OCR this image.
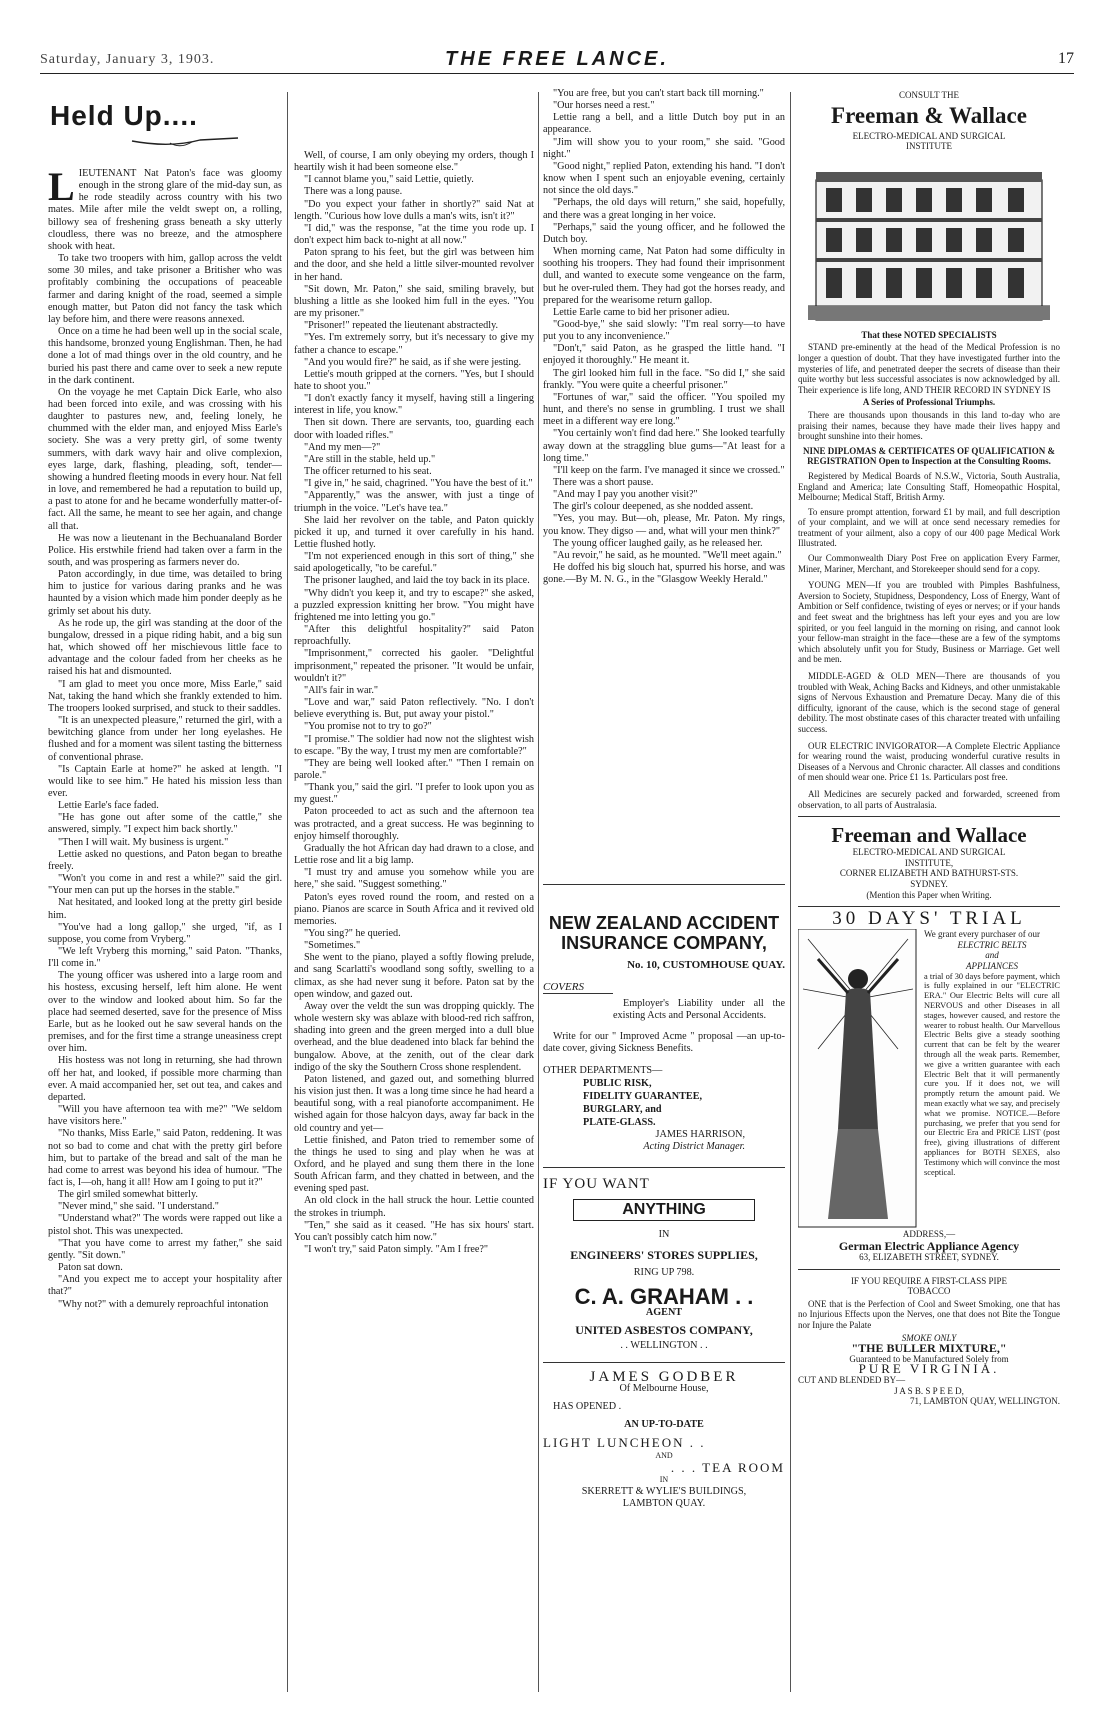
Saturday, January 3, 1903.	THE FREE LANCE.	17
Held Up....
L IEUTENANT Nat Paton's face was gloomy enough in the strong glare of the mid-day sun, as he rode steadily across country with his two mates. Mile after mile the veldt swept on, a rolling, billowy sea of freshening grass beneath a sky utterly cloudless, there was no breeze, and the atmosphere shook with heat.

To take two troopers with him, gallop across the veldt some 30 miles, and take prisoner a Britisher who was profitably combining the occupations of peaceable farmer and daring knight of the road, seemed a simple enough matter, but Paton did not fancy the task which lay before him, and there were reasons annexed.

Once on a time he had been well up in the social scale, this handsome, bronzed young Englishman. Then, he had done a lot of mad things over in the old country, and he buried his past there and came over to seek a new repute in the dark continent.

On the voyage he met Captain Dick Earle, who also had been forced into exile, and was crossing with his daughter to pastures new, and, feeling lonely, he chummed with the elder man, and enjoyed Miss Earle's society. She was a very pretty girl, of some twenty summers, with dark wavy hair and olive complexion, eyes large, dark, flashing, pleading, soft, tender—showing a hundred fleeting moods in every hour. Nat fell in love, and remembered he had a reputation to build up, a past to atone for and he became wonderfully matter-of-fact. All the same, he meant to see her again, and change all that.

He was now a lieutenant in the Bechuanaland Border Police. His erstwhile friend had taken over a farm in the south, and was prospering as farmers never do.

Paton accordingly, in due time, was detailed to bring him to justice for various daring pranks and he was haunted by a vision which made him ponder deeply as he grimly set about his duty.

As he rode up, the girl was standing at the door of the bungalow, dressed in a pique riding habit, and a big sun hat, which showed off her mischievous little face to advantage and the colour faded from her cheeks as he raised his hat and dismounted.

"I am glad to meet you once more, Miss Earle," said Nat, taking the hand which she frankly extended to him. The troopers looked surprised, and stuck to their saddles.

"It is an unexpected pleasure," returned the girl, with a bewitching glance from under her long eyelashes. He flushed and for a moment was silent tasting the bitterness of conventional phrase.

"Is Captain Earle at home?" he asked at length. "I would like to see him." He hated his mission less than ever.

Lettie Earle's face faded.

"He has gone out after some of the cattle," she answered, simply. "I expect him back shortly."

"Then I will wait. My business is urgent."

Lettie asked no questions, and Paton began to breathe freely.

"Won't you come in and rest a while?" said the girl. "Your men can put up the horses in the stable."

Nat hesitated, and looked long at the pretty girl beside him.

"You've had a long gallop," she urged, "if, as I suppose, you come from Vryberg."

"We left Vryberg this morning," said Paton. "Thanks, I'll come in."

The young officer was ushered into a large room and his hostess, excusing herself, left him alone. He went over to the window and looked about him. So far the place had seemed deserted, save for the presence of Miss Earle, but as he looked out he saw several hands on the premises, and for the first time a strange uneasiness crept over him.

His hostess was not long in returning, she had thrown off her hat, and looked, if possible more charming than ever. A maid accompanied her, set out tea, and cakes and departed.

"Will you have afternoon tea with me?" "We seldom have visitors here."

"No thanks, Miss Earle," said Paton, reddening. It was not so bad to come and chat with the pretty girl before him, but to partake of the bread and salt of the man he had come to arrest was beyond his idea of humour. "The fact is, I—oh, hang it all! How am I going to put it?"

The girl smiled somewhat bitterly.

"Never mind," she said. "I understand."

"Understand what?" The words were rapped out like a pistol shot. This was unexpected.

"That you have come to arrest my father," she said gently. "Sit down."

Paton sat down.

"And you expect me to accept your hospitality after that?"

"Why not?" with a demurely reproachful intonation

Well, of course, I am only obeying my orders, though I heartily wish it had been someone else."

"I cannot blame you," said Lettie, quietly.

There was a long pause.

"Do you expect your father in shortly?" said Nat at length. "Curious how love dulls a man's wits, isn't it?"

"I did," was the response, "at the time you rode up. I don't expect him back to-night at all now."

Paton sprang to his feet, but the girl was between him and the door, and she held a little silver-mounted revolver in her hand.

"Sit down, Mr. Paton," she said, smiling bravely, but blushing a little as she looked him full in the eyes. "You are my prisoner."

"Prisoner!" repeated the lieutenant abstractedly.

"Yes. I'm extremely sorry, but it's necessary to give my father a chance to escape."

"And you would fire?" he said, as if she were jesting.

Lettie's mouth gripped at the corners. "Yes, but I should hate to shoot you."

"I don't exactly fancy it myself, having still a lingering interest in life, you know."

Then sit down. There are servants, too, guarding each door with loaded rifles."

"And my men—?"

"Are still in the stable, held up."

The officer returned to his seat.

"I give in," he said, chagrined. "You have the best of it."

"Apparently," was the answer, with just a tinge of triumph in the voice. "Let's have tea."

She laid her revolver on the table, and Paton quickly picked it up, and turned it over carefully in his hand. Lettie flushed hotly.

"I'm not experienced enough in this sort of thing," she said apologetically, "to be careful."

The prisoner laughed, and laid the toy back in its place.

"Why didn't you keep it, and try to escape?" she asked, a puzzled expression knitting her brow. "You might have frightened me into letting you go."

"After this delightful hospitality?" said Paton reproachfully.

"Imprisonment," corrected his gaoler. "Delightful imprisonment," repeated the prisoner. "It would be unfair, wouldn't it?"

"All's fair in war."

"Love and war," said Paton reflectively. "No. I don't believe everything is. But, put away your pistol."

"You promise not to try to go?"

"I promise." The soldier had now not the slightest wish to escape. "By the way, I trust my men are comfortable?"

"They are being well looked after." "Then I remain on parole."

"Thank you," said the girl. "I prefer to look upon you as my guest."

Paton proceeded to act as such and the afternoon tea was protracted, and a great success. He was beginning to enjoy himself thoroughly.

Gradually the hot African day had drawn to a close, and Lettie rose and lit a big lamp.

"I must try and amuse you somehow while you are here," she said. "Suggest something."

Paton's eyes roved round the room, and rested on a piano. Pianos are scarce in South Africa and it revived old memories.

"You sing?" he queried.

"Sometimes."

She went to the piano, played a softly flowing prelude, and sang Scarlatti's woodland song softly, swelling to a climax, as she had never sung it before. Paton sat by the open window, and gazed out.

Away over the veldt the sun was dropping quickly. The whole western sky was ablaze with blood-red rich saffron, shading into green and the green merged into a dull blue overhead, and the blue deadened into black far behind the bungalow. Above, at the zenith, out of the clear dark indigo of the sky the Southern Cross shone resplendent.

Paton listened, and gazed out, and something blurred his vision just then. It was a long time since he had heard a beautiful song, with a real pianoforte accompaniment. He wished again for those halcyon days, away far back in the old country and yet—

Lettie finished, and Paton tried to remember some of the things he used to sing and play when he was at Oxford, and he played and sung them there in the lone South African farm, and they chatted in between, and the evening sped past.

An old clock in the hall struck the hour. Lettie counted the strokes in triumph.

"Ten," she said as it ceased. "He has six hours' start. You can't possibly catch him now."

"I won't try," said Paton simply. "Am I free?"

"You are free, but you can't start back till morning."

"Our horses need a rest."

Lettie rang a bell, and a little Dutch boy put in an appearance.

"Jim will show you to your room," she said. "Good night."

"Good night," replied Paton, extending his hand. "I don't know when I spent such an enjoyable evening, certainly not since the old days."

"Perhaps, the old days will return," she said, hopefully, and there was a great longing in her voice.

"Perhaps," said the young officer, and he followed the Dutch boy.

When morning came, Nat Paton had some difficulty in soothing his troopers. They had found their imprisonment dull, and wanted to execute some vengeance on the farm, but he over-ruled them. They had got the horses ready, and prepared for the wearisome return gallop.

Lettie Earle came to bid her prisoner adieu.

"Good-bye," she said slowly: "I'm real sorry—to have put you to any inconvenience."

"Don't," said Paton, as he grasped the little hand. "I enjoyed it thoroughly." He meant it.

The girl looked him full in the face. "So did I," she said frankly. "You were quite a cheerful prisoner."

"Fortunes of war," said the officer. "You spoiled my hunt, and there's no sense in grumbling. I trust we shall meet in a different way ere long."

"You certainly won't find dad here." She looked tearfully away down at the straggling blue gums—"At least for a long time."

"I'll keep on the farm. I've managed it since we crossed."

There was a short pause.

"And may I pay you another visit?"

The girl's colour deepened, as she nodded assent.

"Yes, you may. But—oh, please, Mr. Paton. My rings, you know. They digso — and, what will your men think?"

The young officer laughed gaily, as he released her.

"Au revoir," he said, as he mounted. "We'll meet again."

He doffed his big slouch hat, spurred his horse, and was gone.—By M. N. G., in the "Glasgow Weekly Herald."

NEW ZEALAND ACCIDENT
INSURANCE COMPANY,
No. 10, CUSTOMHOUSE QUAY.
COVERS

Employer's Liability under all the existing Acts and Personal Accidents.

Write for our " Improved Acme " proposal —an up-to-date cover, giving Sickness Benefits.

OTHER DEPARTMENTS—
PUBLIC RISK,
FIDELITY GUARANTEE,
BURGLARY, and
PLATE-GLASS.
JAMES HARRISON,
Acting District Manager.
IF YOU WANT
ANYTHING
IN
ENGINEERS' STORES SUPPLIES,
RING UP 798.
C. A. GRAHAM . .
AGENT
UNITED ASBESTOS COMPANY,
. . WELLINGTON . .
JAMES GODBER
Of Melbourne House,
HAS OPENED .
AN UP-TO-DATE
LIGHT LUNCHEON . .
AND
. . . TEA ROOM
IN
SKERRETT & WYLIE'S BUILDINGS,
LAMBTON QUAY.
CONSULT THE
Freeman & Wallace
ELECTRO-MEDICAL AND SURGICAL
INSTITUTE
That these NOTED SPECIALISTS

STAND pre-eminently at the head of the Medical Profession is no longer a question of doubt. That they have investigated further into the mysteries of life, and penetrated deeper the secrets of disease than their quite worthy but less successful associates is now acknowledged by all. Their experience is life long, AND THEIR RECORD IN SYDNEY IS

A Series of Professional Triumphs.

There are thousands upon thousands in this land to-day who are praising their names, because they have made their lives happy and brought sunshine into their homes.

NINE DIPLOMAS & CERTIFICATES OF QUALIFICATION & REGISTRATION Open to Inspection at the Consulting Rooms.

Registered by Medical Boards of N.S.W., Victoria, South Australia, England and America; late Consulting Staff, Homeopathic Hospital, Melbourne; Medical Staff, British Army.

To ensure prompt attention, forward £1 by mail, and full description of your complaint, and we will at once send necessary remedies for treatment of your ailment, also a copy of our 400 page Medical Work Illustrated.

Our Commonwealth Diary Post Free on application Every Farmer, Miner, Mariner, Merchant, and Storekeeper should send for a copy.

YOUNG MEN—If you are troubled with Pimples Bashfulness, Aversion to Society, Stupidness, Despondency, Loss of Energy, Want of Ambition or Self confidence, twisting of eyes or nerves; or if your hands and feet sweat and the brightness has left your eyes and you are low spirited, or you feel languid in the morning on rising, and cannot look your fellow-man straight in the face—these are a few of the symptoms which absolutely unfit you for Study, Business or Marriage. Get well and be men.

MIDDLE-AGED & OLD MEN—There are thousands of you troubled with Weak, Aching Backs and Kidneys, and other unmistakable signs of Nervous Exhaustion and Premature Decay. Many die of this difficulty, ignorant of the cause, which is the second stage of general debility. The most obstinate cases of this character treated with unfailing success.

OUR ELECTRIC INVIGORATOR—A Complete Electric Appliance for wearing round the waist, producing wonderful curative results in Diseases of a Nervous and Chronic character. All classes and conditions of men should wear one. Price £1 1s. Particulars post free.

All Medicines are securely packed and forwarded, screened from observation, to all parts of Australasia.

Freeman and Wallace
ELECTRO-MEDICAL AND SURGICAL
INSTITUTE,
CORNER ELIZABETH AND BATHURST-STS.
SYDNEY.
(Mention this Paper when Writing.
30 DAYS' TRIAL
We grant every purchaser of our
ELECTRIC BELTS
and
APPLIANCES
a trial of 30 days before payment, which is fully explained in our "ELECTRIC ERA." Our Electric Belts will cure all NERVOUS and other Diseases in all stages, however caused, and restore the wearer to robust health. Our Marvellous Electric Belts give a steady soothing current that can be felt by the wearer through all the weak parts. Remember, we give a written guarantee with each Electric Belt that it will permanently cure you. If it does not, we will promptly return the amount paid. We mean exactly what we say, and precisely what we promise. NOTICE.—Before purchasing, we prefer that you send for our Electric Era and PRICE LIST (post free), giving illustrations of different appliances for BOTH SEXES, also Testimony which will convince the most sceptical.
ADDRESS,—
German Electric Appliance Agency
63, ELIZABETH STREET, SYDNEY.
IF YOU REQUIRE A FIRST-CLASS PIPE
TOBACCO

ONE that is the Perfection of Cool and Sweet Smoking, one that has no Injurious Effects upon the Nerves, one that does not Bite the Tongue nor Injure the Palate

SMOKE ONLY
"THE BULLER MIXTURE,"
Guaranteed to be Manufactured Solely from
PURE VIRGINIA.
CUT AND BLENDED BY—
J A S B. S P E E D,
71, LAMBTON QUAY, WELLINGTON.
